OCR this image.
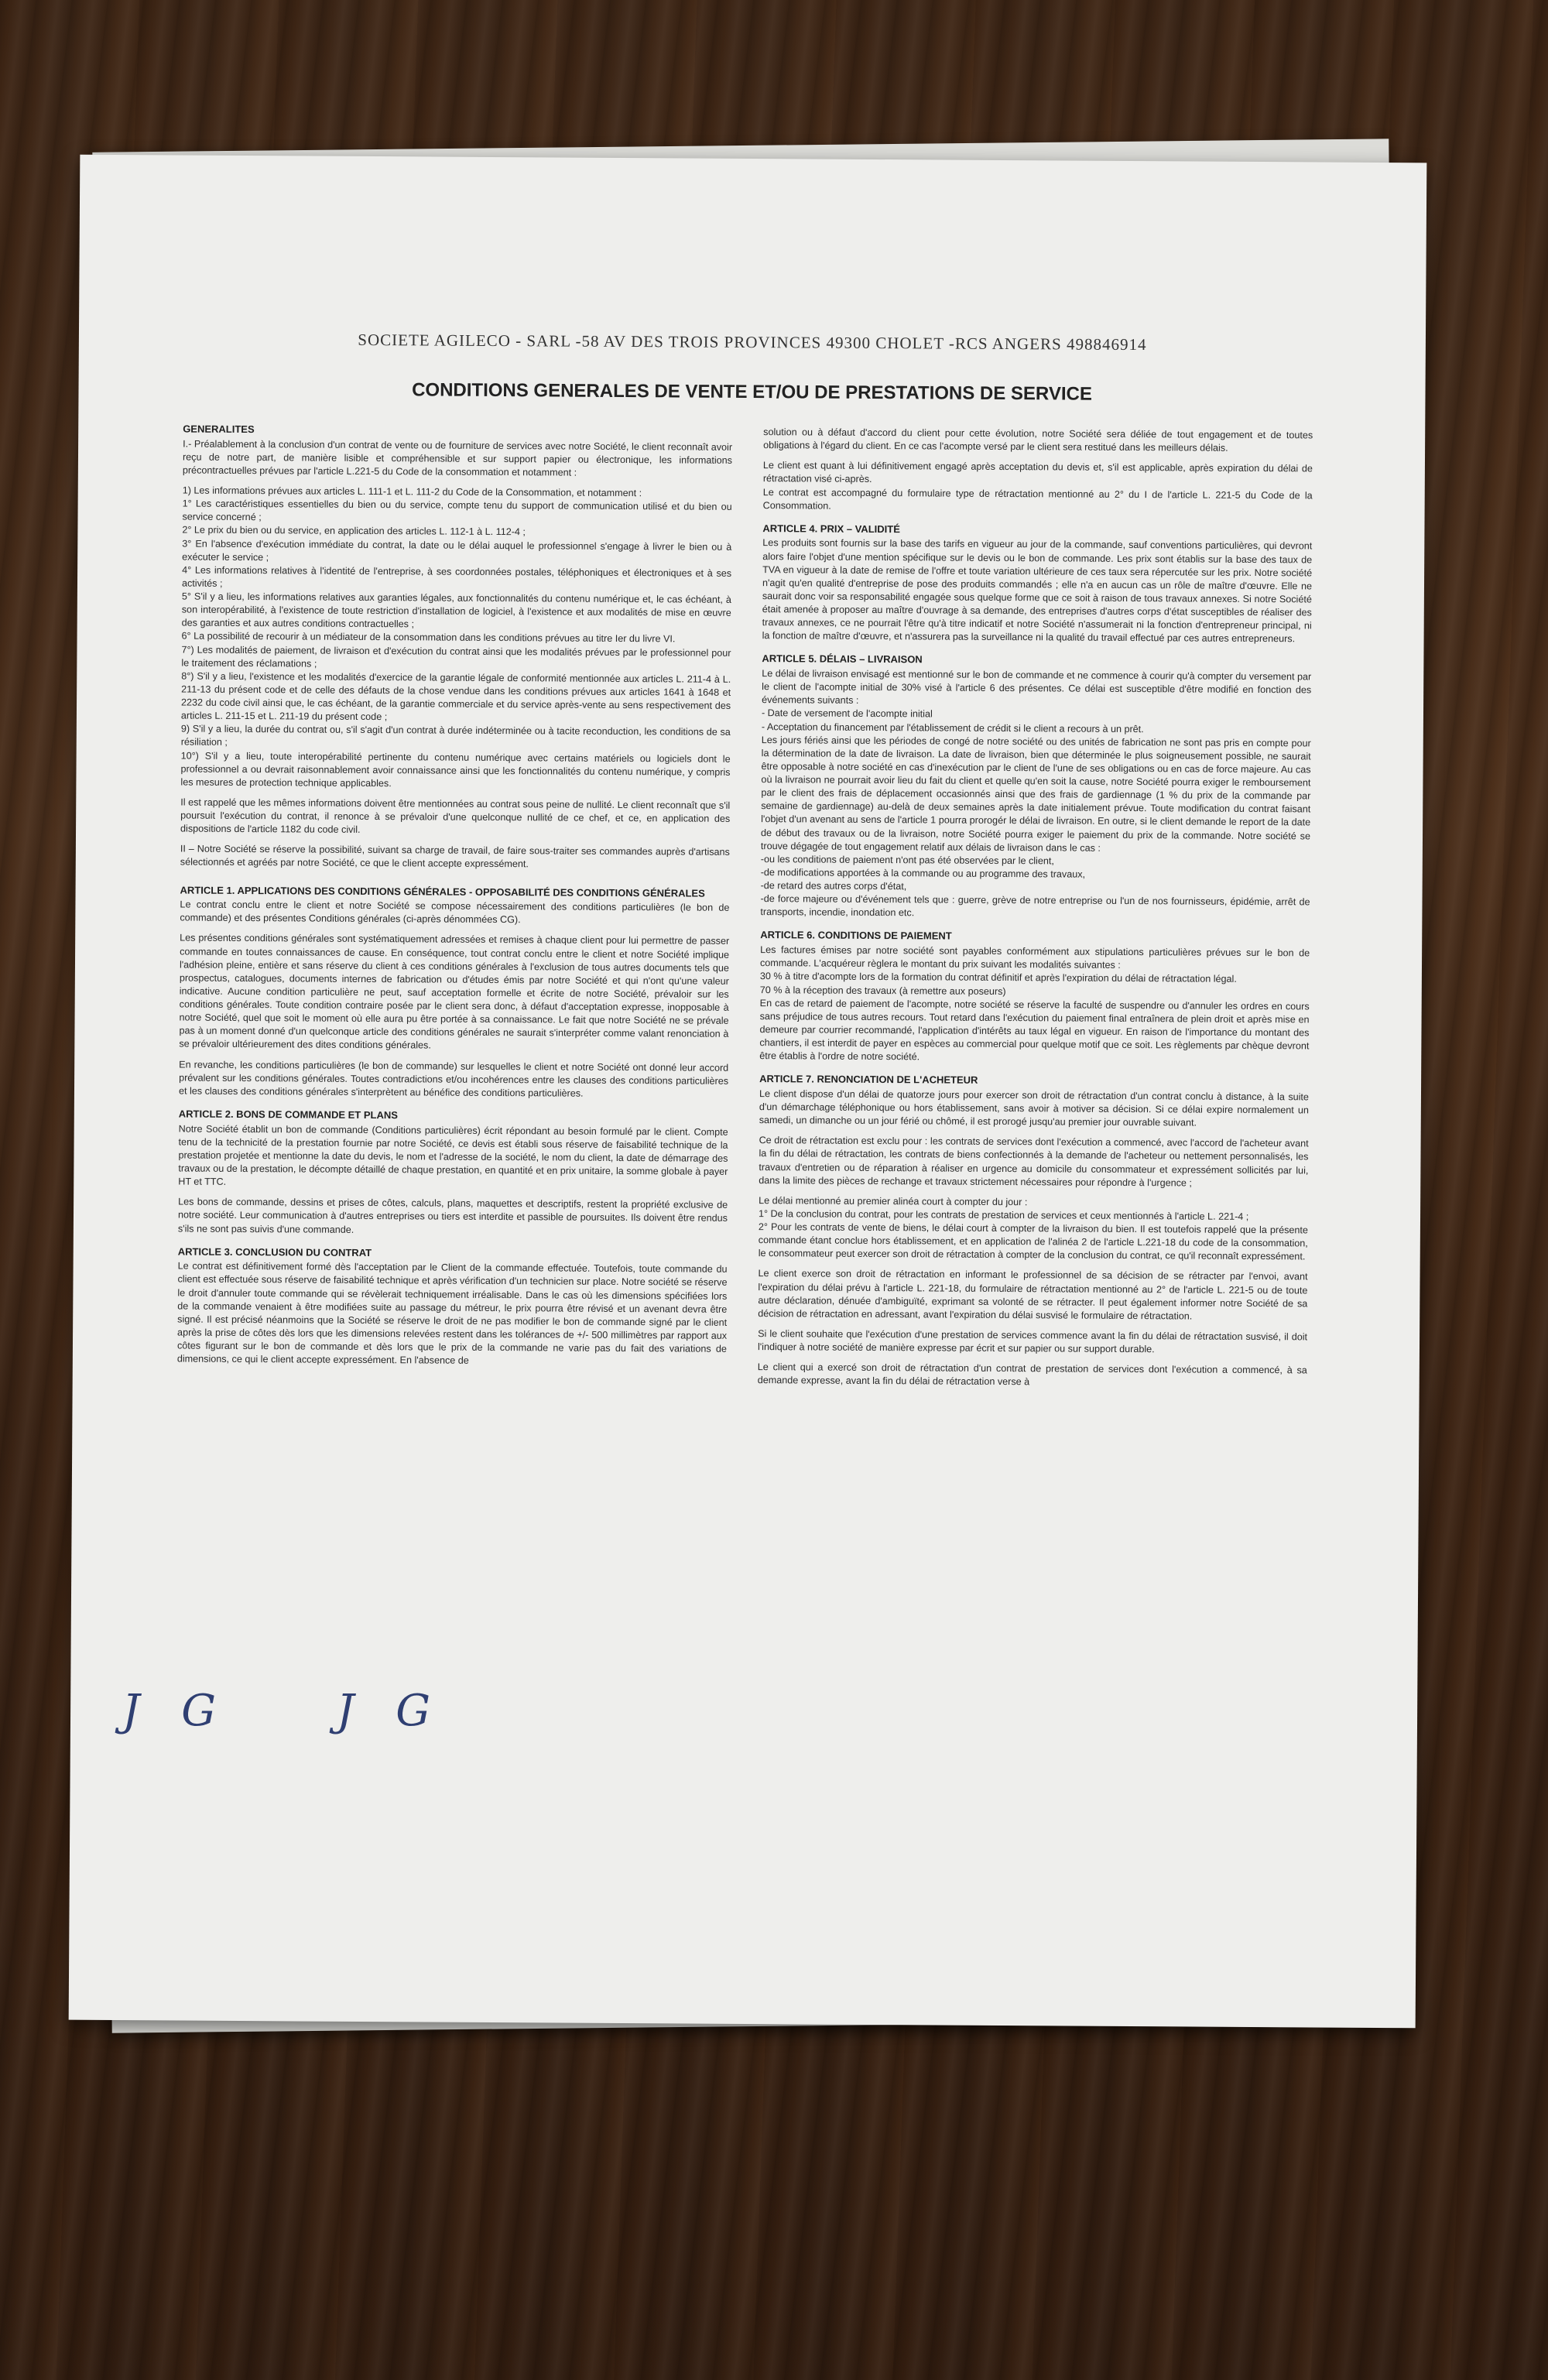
SOCIETE AGILECO - SARL -58 AV DES TROIS PROVINCES 49300 CHOLET -RCS ANGERS 498846914
CONDITIONS GENERALES DE VENTE ET/OU DE PRESTATIONS DE SERVICE
GENERALITES

I.- Préalablement à la conclusion d'un contrat de vente ou de fourniture de services avec notre Société, le client reconnaît avoir reçu de notre part, de manière lisible et compréhensible et sur support papier ou électronique, les informations précontractuelles prévues par l'article L.221-5 du Code de la consommation et notamment :

1) Les informations prévues aux articles L. 111-1 et L. 111-2 du Code de la Consommation, et notamment :

1° Les caractéristiques essentielles du bien ou du service, compte tenu du support de communication utilisé et du bien ou service concerné ;
2° Le prix du bien ou du service, en application des articles L. 112-1 à L. 112-4 ;
3° En l'absence d'exécution immédiate du contrat, la date ou le délai auquel le professionnel s'engage à livrer le bien ou à exécuter le service ;
4° Les informations relatives à l'identité de l'entreprise, à ses coordonnées postales, téléphoniques et électroniques et à ses activités ;
5° S'il y a lieu, les informations relatives aux garanties légales, aux fonctionnalités du contenu numérique et, le cas échéant, à son interopérabilité, à l'existence de toute restriction d'installation de logiciel, à l'existence et aux modalités de mise en œuvre des garanties et aux autres conditions contractuelles ;
6° La possibilité de recourir à un médiateur de la consommation dans les conditions prévues au titre Ier du livre VI.
7°) Les modalités de paiement, de livraison et d'exécution du contrat ainsi que les modalités prévues par le professionnel pour le traitement des réclamations ;
8°) S'il y a lieu, l'existence et les modalités d'exercice de la garantie légale de conformité mentionnée aux articles L. 211-4 à L. 211-13 du présent code et de celle des défauts de la chose vendue dans les conditions prévues aux articles 1641 à 1648 et 2232 du code civil ainsi que, le cas échéant, de la garantie commerciale et du service après-vente au sens respectivement des articles L. 211-15 et L. 211-19 du présent code ;
9) S'il y a lieu, la durée du contrat ou, s'il s'agit d'un contrat à durée indéterminée ou à tacite reconduction, les conditions de sa résiliation ;
10°) S'il y a lieu, toute interopérabilité pertinente du contenu numérique avec certains matériels ou logiciels dont le professionnel a ou devrait raisonnablement avoir connaissance ainsi que les fonctionnalités du contenu numérique, y compris les mesures de protection technique applicables.

Il est rappelé que les mêmes informations doivent être mentionnées au contrat sous peine de nullité. Le client reconnaît que s'il poursuit l'exécution du contrat, il renonce à se prévaloir d'une quelconque nullité de ce chef, et ce, en application des dispositions de l'article 1182 du code civil.

II – Notre Société se réserve la possibilité, suivant sa charge de travail, de faire sous-traiter ses commandes auprès d'artisans sélectionnés et agréés par notre Société, ce que le client accepte expressément.

ARTICLE 1. APPLICATIONS DES CONDITIONS GÉNÉRALES - OPPOSABILITÉ DES CONDITIONS GÉNÉRALES

Le contrat conclu entre le client et notre Société se compose nécessairement des conditions particulières (le bon de commande) et des présentes Conditions générales (ci-après dénommées CG).

Les présentes conditions générales sont systématiquement adressées et remises à chaque client pour lui permettre de passer commande en toutes connaissances de cause. En conséquence, tout contrat conclu entre le client et notre Société implique l'adhésion pleine, entière et sans réserve du client à ces conditions générales à l'exclusion de tous autres documents tels que prospectus, catalogues, documents internes de fabrication ou d'études émis par notre Société et qui n'ont qu'une valeur indicative. Aucune condition particulière ne peut, sauf acceptation formelle et écrite de notre Société, prévaloir sur les conditions générales. Toute condition contraire posée par le client sera donc, à défaut d'acceptation expresse, inopposable à notre Société, quel que soit le moment où elle aura pu être portée à sa connaissance. Le fait que notre Société ne se prévale pas à un moment donné d'un quelconque article des conditions générales ne saurait s'interpréter comme valant renonciation à se prévaloir ultérieurement des dites conditions générales.

En revanche, les conditions particulières (le bon de commande) sur lesquelles le client et notre Société ont donné leur accord prévalent sur les conditions générales. Toutes contradictions et/ou incohérences entre les clauses des conditions particulières et les clauses des conditions générales s'interprètent au bénéfice des conditions particulières.

ARTICLE 2. BONS DE COMMANDE ET PLANS

Notre Société établit un bon de commande (Conditions particulières) écrit répondant au besoin formulé par le client. Compte tenu de la technicité de la prestation fournie par notre Société, ce devis est établi sous réserve de faisabilité technique de la prestation projetée et mentionne la date du devis, le nom et l'adresse de la société, le nom du client, la date de démarrage des travaux ou de la prestation, le décompte détaillé de chaque prestation, en quantité et en prix unitaire, la somme globale à payer HT et TTC.

Les bons de commande, dessins et prises de côtes, calculs, plans, maquettes et descriptifs, restent la propriété exclusive de notre société. Leur communication à d'autres entreprises ou tiers est interdite et passible de poursuites. Ils doivent être rendus s'ils ne sont pas suivis d'une commande.

ARTICLE 3. CONCLUSION DU CONTRAT

Le contrat est définitivement formé dès l'acceptation par le Client de la commande effectuée. Toutefois, toute commande du client est effectuée sous réserve de faisabilité technique et après vérification d'un technicien sur place. Notre société se réserve le droit d'annuler toute commande qui se révèlerait techniquement irréalisable. Dans le cas où les dimensions spécifiées lors de la commande venaient à être modifiées suite au passage du métreur, le prix pourra être révisé et un avenant devra être signé. Il est précisé néanmoins que la Société se réserve le droit de ne pas modifier le bon de commande signé par le client après la prise de côtes dès lors que les dimensions relevées restent dans les tolérances de +/- 500 millimètres par rapport aux côtes figurant sur le bon de commande et dès lors que le prix de la commande ne varie pas du fait des variations de dimensions, ce qui le client accepte expressément. En l'absence de

solution ou à défaut d'accord du client pour cette évolution, notre Société sera déliée de tout engagement et de toutes obligations à l'égard du client. En ce cas l'acompte versé par le client sera restitué dans les meilleurs délais.

Le client est quant à lui définitivement engagé après acceptation du devis et, s'il est applicable, après expiration du délai de rétractation visé ci-après.

Le contrat est accompagné du formulaire type de rétractation mentionné au 2° du I de l'article L. 221-5 du Code de la Consommation.

ARTICLE 4. PRIX – VALIDITÉ

Les produits sont fournis sur la base des tarifs en vigueur au jour de la commande, sauf conventions particulières, qui devront alors faire l'objet d'une mention spécifique sur le devis ou le bon de commande. Les prix sont établis sur la base des taux de TVA en vigueur à la date de remise de l'offre et toute variation ultérieure de ces taux sera répercutée sur les prix. Notre société n'agit qu'en qualité d'entreprise de pose des produits commandés ; elle n'a en aucun cas un rôle de maître d'œuvre. Elle ne saurait donc voir sa responsabilité engagée sous quelque forme que ce soit à raison de tous travaux annexes. Si notre Société était amenée à proposer au maître d'ouvrage à sa demande, des entreprises d'autres corps d'état susceptibles de réaliser des travaux annexes, ce ne pourrait l'être qu'à titre indicatif et notre Société n'assumerait ni la fonction d'entrepreneur principal, ni la fonction de maître d'œuvre, et n'assurera pas la surveillance ni la qualité du travail effectué par ces autres entrepreneurs.

ARTICLE 5. DÉLAIS – LIVRAISON

Le délai de livraison envisagé est mentionné sur le bon de commande et ne commence à courir qu'à compter du versement par le client de l'acompte initial de 30% visé à l'article 6 des présentes. Ce délai est susceptible d'être modifié en fonction des événements suivants :

- Date de versement de l'acompte initial
- Acceptation du financement par l'établissement de crédit si le client a recours à un prêt.

Les jours fériés ainsi que les périodes de congé de notre société ou des unités de fabrication ne sont pas pris en compte pour la détermination de la date de livraison. La date de livraison, bien que déterminée le plus soigneusement possible, ne saurait être opposable à notre société en cas d'inexécution par le client de l'une de ses obligations ou en cas de force majeure. Au cas où la livraison ne pourrait avoir lieu du fait du client et quelle qu'en soit la cause, notre Société pourra exiger le remboursement par le client des frais de déplacement occasionnés ainsi que des frais de gardiennage (1 % du prix de la commande par semaine de gardiennage) au-delà de deux semaines après la date initialement prévue. Toute modification du contrat faisant l'objet d'un avenant au sens de l'article 1 pourra prorogér le délai de livraison. En outre, si le client demande le report de la date de début des travaux ou de la livraison, notre Société pourra exiger le paiement du prix de la commande. Notre société se trouve dégagée de tout engagement relatif aux délais de livraison dans le cas :

-ou les conditions de paiement n'ont pas été observées par le client,
-de modifications apportées à la commande ou au programme des travaux,
-de retard des autres corps d'état,
-de force majeure ou d'événement tels que : guerre, grève de notre entreprise ou l'un de nos fournisseurs, épidémie, arrêt de transports, incendie, inondation etc.
ARTICLE 6. CONDITIONS DE PAIEMENT

Les factures émises par notre société sont payables conformément aux stipulations particulières prévues sur le bon de commande. L'acquéreur règlera le montant du prix suivant les modalités suivantes :

30 % à titre d'acompte lors de la formation du contrat définitif et après l'expiration du délai de rétractation légal.

70 % à la réception des travaux (à remettre aux poseurs)

En cas de retard de paiement de l'acompte, notre société se réserve la faculté de suspendre ou d'annuler les ordres en cours sans préjudice de tous autres recours. Tout retard dans l'exécution du paiement final entraînera de plein droit et après mise en demeure par courrier recommandé, l'application d'intérêts au taux légal en vigueur. En raison de l'importance du montant des chantiers, il est interdit de payer en espèces au commercial pour quelque motif que ce soit. Les règlements par chèque devront être établis à l'ordre de notre société.

ARTICLE 7. RENONCIATION DE L'ACHETEUR

Le client dispose d'un délai de quatorze jours pour exercer son droit de rétractation d'un contrat conclu à distance, à la suite d'un démarchage téléphonique ou hors établissement, sans avoir à motiver sa décision. Si ce délai expire normalement un samedi, un dimanche ou un jour férié ou chômé, il est prorogé jusqu'au premier jour ouvrable suivant.

Ce droit de rétractation est exclu pour : les contrats de services dont l'exécution a commencé, avec l'accord de l'acheteur avant la fin du délai de rétractation, les contrats de biens confectionnés à la demande de l'acheteur ou nettement personnalisés, les travaux d'entretien ou de réparation à réaliser en urgence au domicile du consommateur et expressément sollicités par lui, dans la limite des pièces de rechange et travaux strictement nécessaires pour répondre à l'urgence ;

Le délai mentionné au premier alinéa court à compter du jour :

1° De la conclusion du contrat, pour les contrats de prestation de services et ceux mentionnés à l'article L. 221-4 ;

2° Pour les contrats de vente de biens, le délai court à compter de la livraison du bien. Il est toutefois rappelé que la présente commande étant conclue hors établissement, et en application de l'alinéa 2 de l'article L.221-18 du code de la consommation, le consommateur peut exercer son droit de rétractation à compter de la conclusion du contrat, ce qu'il reconnaît expressément.

Le client exerce son droit de rétractation en informant le professionnel de sa décision de se rétracter par l'envoi, avant l'expiration du délai prévu à l'article L. 221-18, du formulaire de rétractation mentionné au 2° de l'article L. 221-5 ou de toute autre déclaration, dénuée d'ambiguïté, exprimant sa volonté de se rétracter. Il peut également informer notre Société de sa décision de rétractation en adressant, avant l'expiration du délai susvisé le formulaire de rétractation.

Si le client souhaite que l'exécution d'une prestation de services commence avant la fin du délai de rétractation susvisé, il doit l'indiquer à notre société de manière expresse par écrit et sur papier ou sur support durable.

Le client qui a exercé son droit de rétractation d'un contrat de prestation de services dont l'exécution a commencé, à sa demande expresse, avant la fin du délai de rétractation verse à

J G J G
